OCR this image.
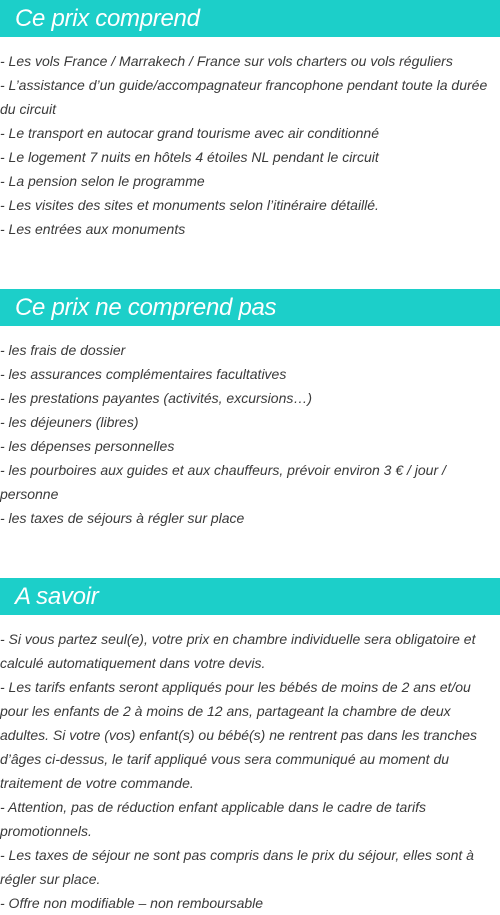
Ce prix comprend
- Les vols France / Marrakech / France sur vols charters ou vols réguliers
- L’assistance d’un guide/accompagnateur francophone pendant toute la durée du circuit
- Le transport en autocar grand tourisme avec air conditionné
- Le logement 7 nuits en hôtels 4 étoiles NL pendant le circuit
- La pension selon le programme
- Les visites des sites et monuments selon l’itinéraire détaillé.
- Les entrées aux monuments
Ce prix ne comprend pas
- les frais de dossier
- les assurances complémentaires facultatives
- les prestations payantes (activités, excursions…)
- les déjeuners (libres)
- les dépenses personnelles
- les pourboires aux guides et aux chauffeurs, prévoir environ 3 € / jour / personne
- les taxes de séjours à régler sur place
A savoir
- Si vous partez seul(e), votre prix en chambre individuelle sera obligatoire et calculé automatiquement dans votre devis.
- Les tarifs enfants seront appliqués pour les bébés de moins de 2 ans et/ou pour les enfants de 2 à moins de 12 ans, partageant la chambre de deux adultes. Si votre (vos) enfant(s) ou bébé(s) ne rentrent pas dans les tranches d’âges ci-dessus, le tarif appliqué vous sera communiqué au moment du traitement de votre commande.
- Attention, pas de réduction enfant applicable dans le cadre de tarifs promotionnels.
- Les taxes de séjour ne sont pas compris dans le prix du séjour, elles sont à régler sur place.
- Offre non modifiable – non remboursable
